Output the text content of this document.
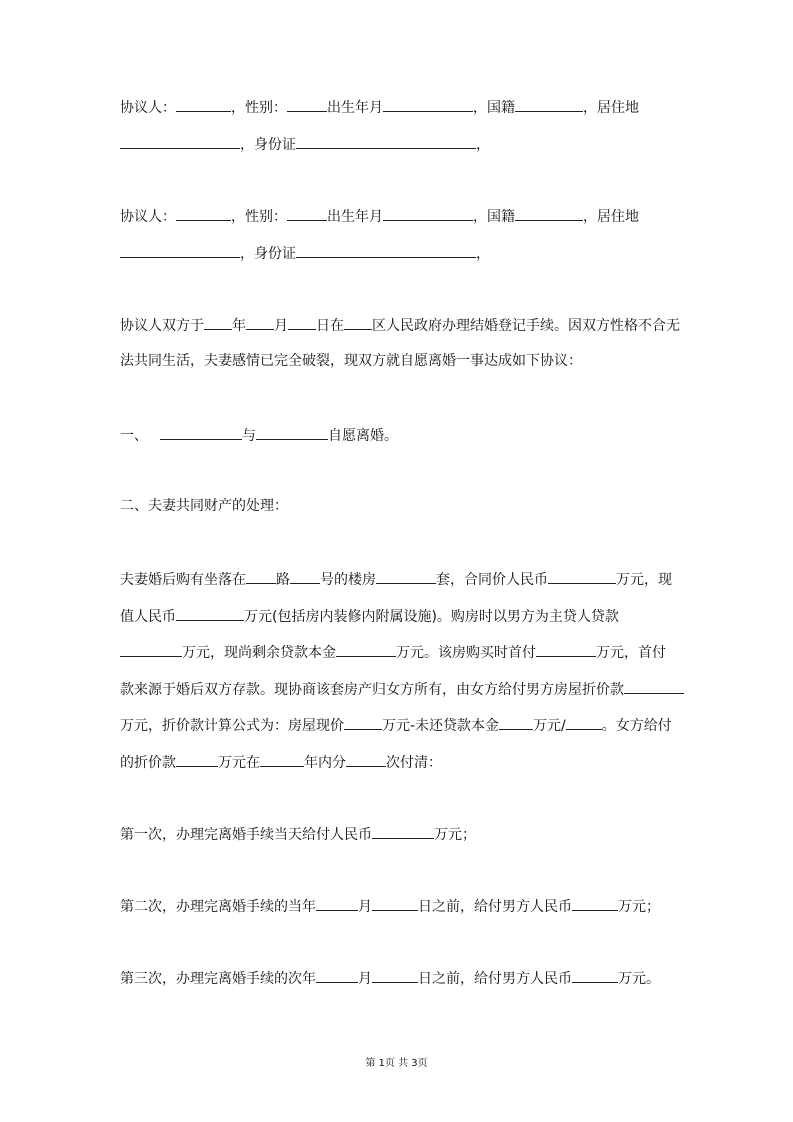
协议人：	，性别：	出生年月	，国籍	，居住地
，身份证	，
协议人：	，性别：	出生年月	，国籍	，居住地
，身份证	，
协议人双方于 年 月 日在 区人民政府办理结婚登记手续。因双方性格不合无
法共同生活，夫妻感情已完全破裂，现双方就自愿离婚一事达成如下协议：
一、	与	自愿离婚。
二、夫妻共同财产的处理：
夫妻婚后购有坐落在 路 号的楼房	套，合同价人民币	万元，现
值人民币	万元(包括房内装修内附属设施)。购房时以男方为主贷人贷款
万元，现尚剩余贷款本金	万元。该房购买时首付	万元，首付
款来源于婚后双方存款。现协商该套房产归女方所有，由女方给付男方房屋折价款
万元，折价款计算公式为：房屋现价	万元-未还贷款本金 万元/	。女方给付
的折价款	万元在	年内分	次付清：
第一次，办理完离婚手续当天给付人民币	万元；
第二次，办理完离婚手续的当年	月	日之前，给付男方人民币	万元；
第三次，办理完离婚手续的次年	月	日之前，给付男方人民币	万元。
第 1页 共 3页
